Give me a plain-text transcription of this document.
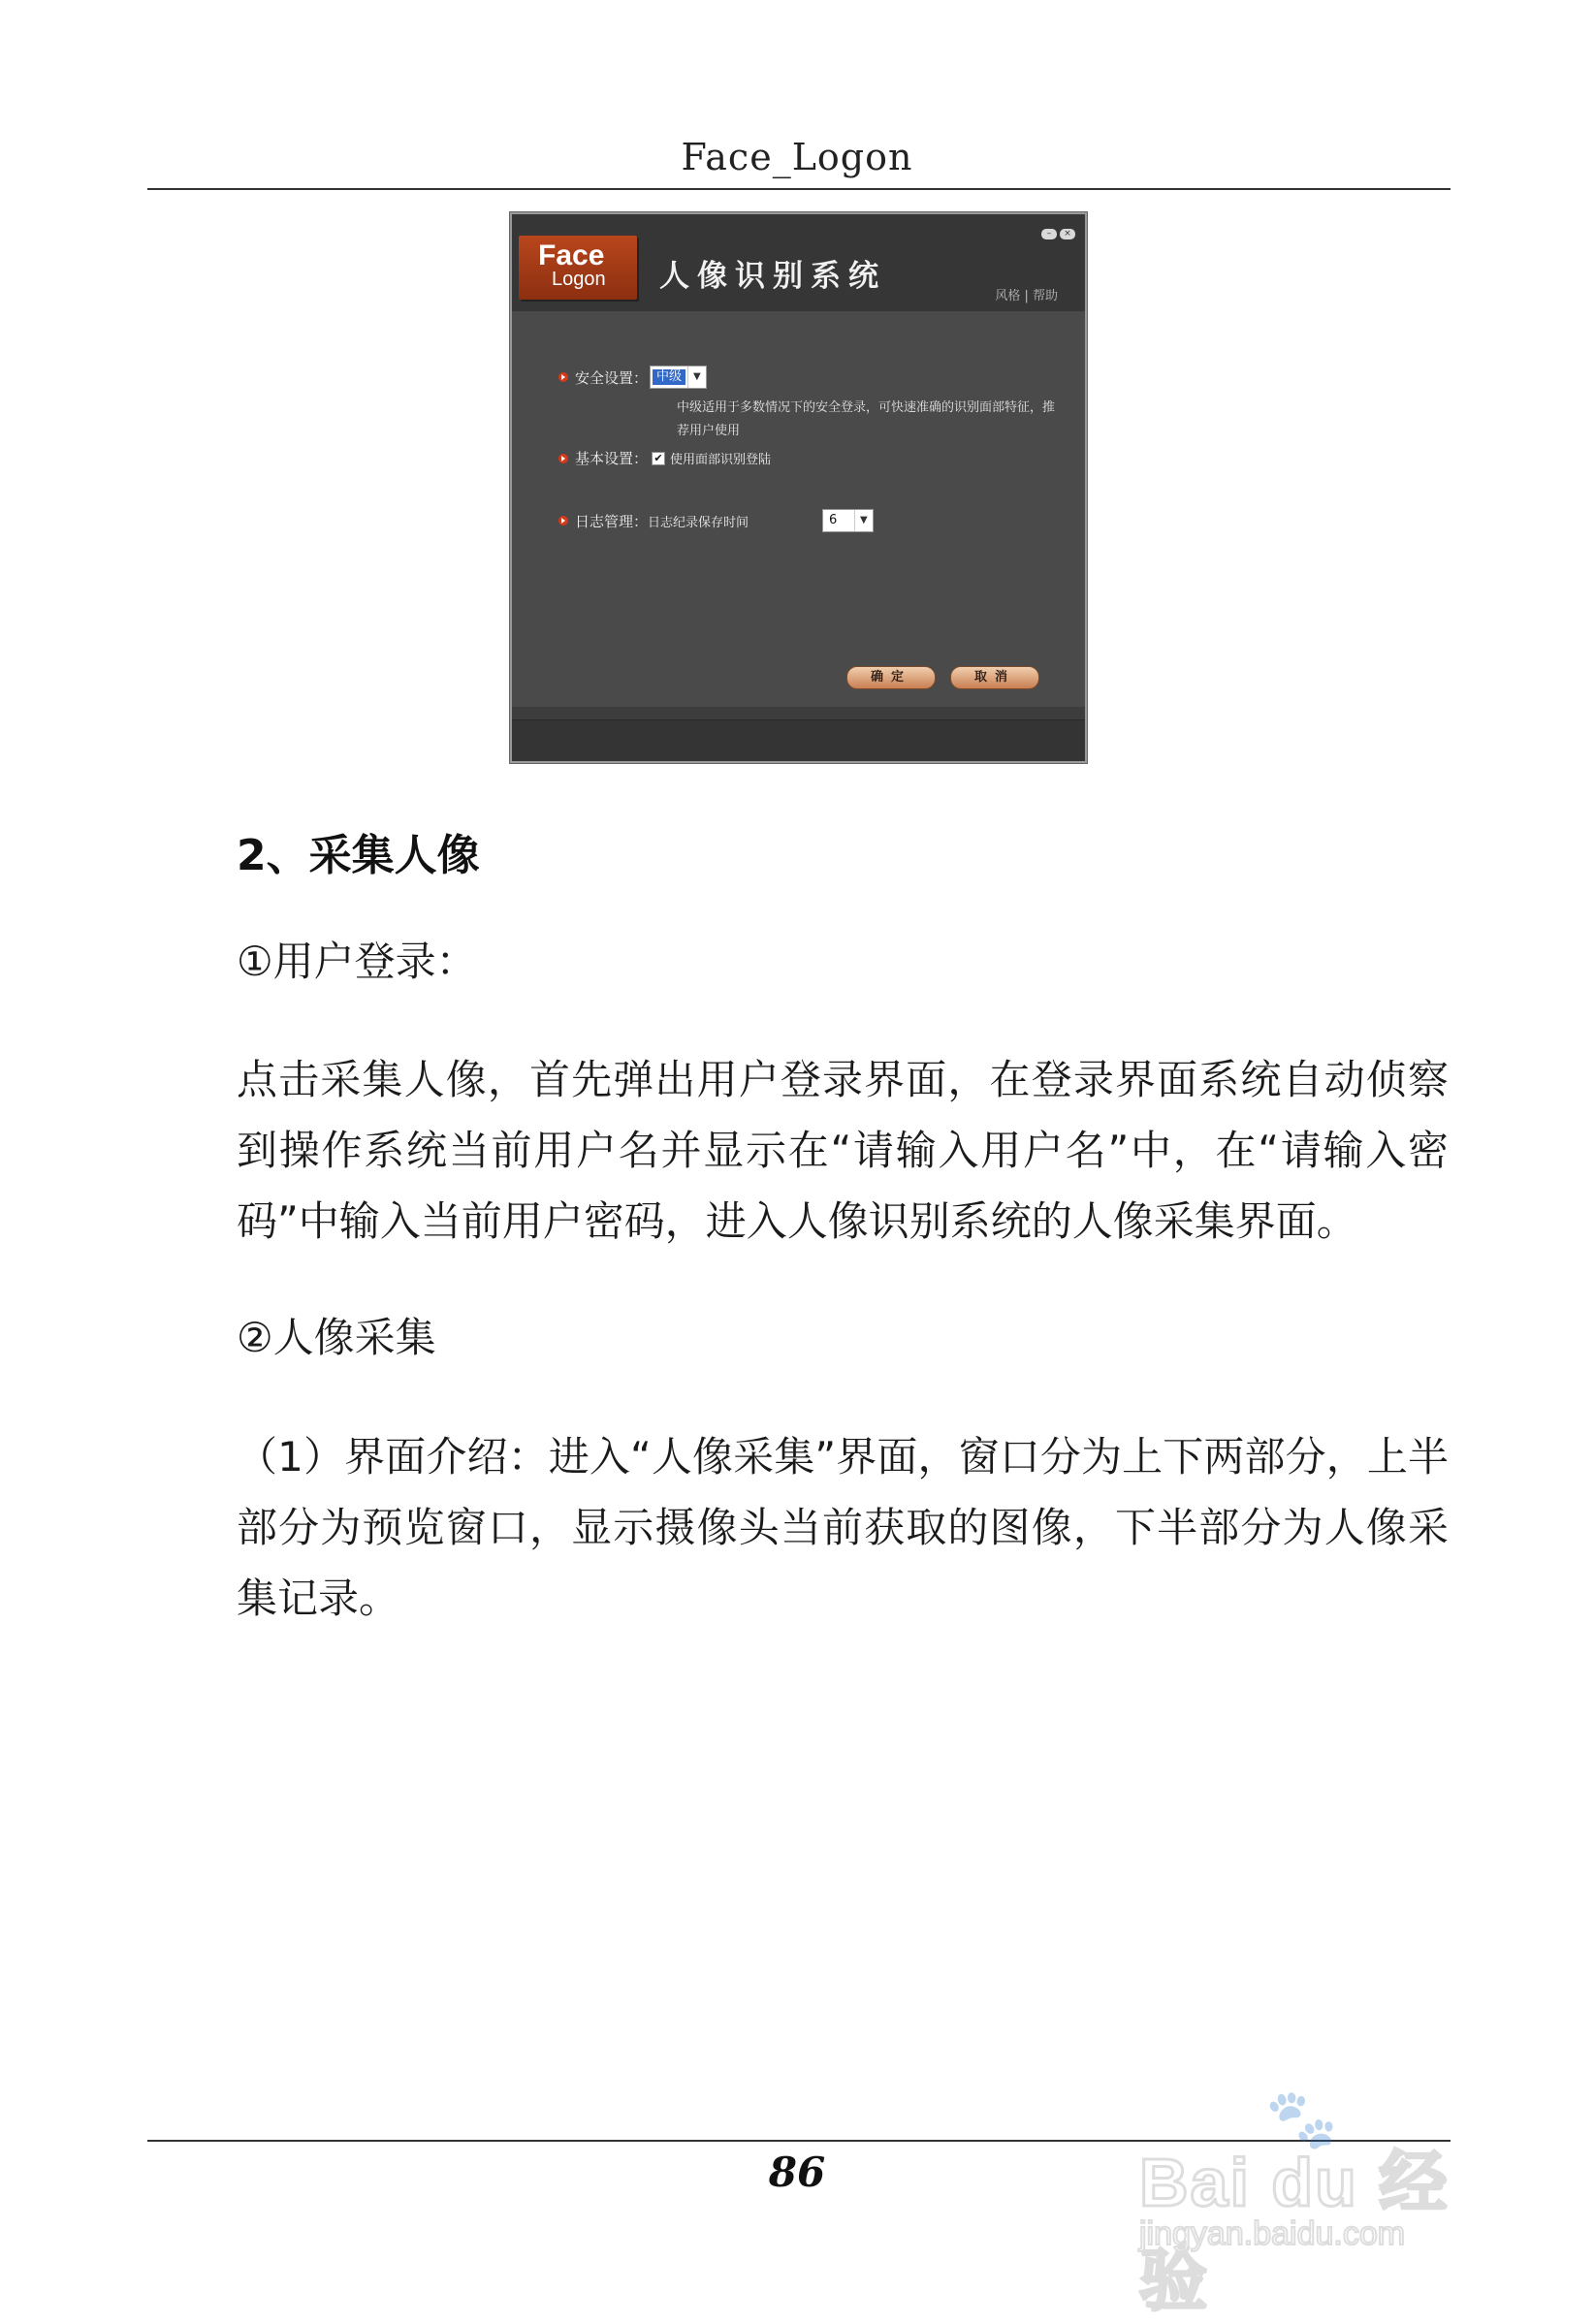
Face_Logon
Face
Logon 人像识别系统
–	×
风格 | 帮助
安全设置： 中级	▼
中级适用于多数情况下的安全登录，可快速准确的识别面部特征，推荐用户使用
基本设置： ✔ 使用面部识别登陆
日志管理： 日志纪录保存时间	6	▼
确定	取消
2、采集人像
①用户登录：
点击采集人像，首先弹出用户登录界面，在登录界面系统自动侦察到操作系统当前用户名并显示在“请输入用户名”中，在“请输入密码”中输入当前用户密码，进入人像识别系统的人像采集界面。
②人像采集
（1）界面介绍：进入“人像采集”界面，窗口分为上下两部分，上半部分为预览窗口，显示摄像头当前获取的图像，下半部分为人像采集记录。
86
🐾
Bai du 经验
jingyan.baidu.com
